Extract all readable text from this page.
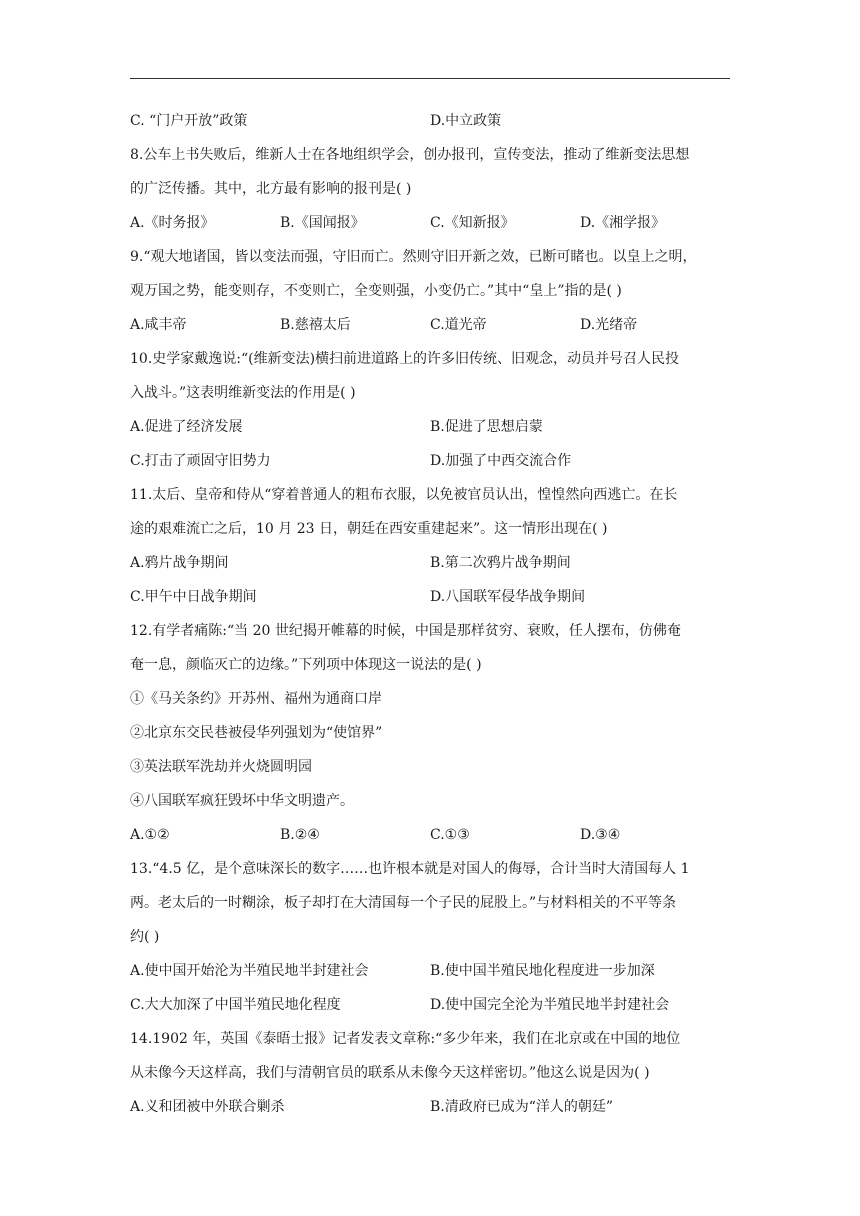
C. “门户开放”政策	D.中立政策
8.公车上书失败后，维新人士在各地组织学会，创办报刊，宣传变法，推动了维新变法思想
的广泛传播。其中，北方最有影响的报刊是( )
A.《时务报》	B.《国闻报》	C.《知新报》	D.《湘学报》
9.“观大地诸国，皆以变法而强，守旧而亡。然则守旧开新之效，已断可睹也。以皇上之明，
观万国之势，能变则存，不变则亡，全变则强，小变仍亡。”其中“皇上”指的是( )
A.咸丰帝	B.慈禧太后	C.道光帝	D.光绪帝
10.史学家戴逸说:“(维新变法)横扫前进道路上的许多旧传统、旧观念，动员并号召人民投
入战斗。”这表明维新变法的作用是( )
A.促进了经济发展	B.促进了思想启蒙
C.打击了顽固守旧势力	D.加强了中西交流合作
11.太后、皇帝和侍从“穿着普通人的粗布衣服，以免被官员认出，惶惶然向西逃亡。在长
途的艰难流亡之后，10 月 23 日，朝廷在西安重建起来”。这一情形出现在( )
A.鸦片战争期间	B.第二次鸦片战争期间
C.甲午中日战争期间	D.八国联军侵华战争期间
12.有学者痛陈:“当 20 世纪揭开帷幕的时候，中国是那样贫穷、衰败，任人摆布，仿佛奄
奄一息，颜临灭亡的边缘。”下列项中体现这一说法的是( )
①《马关条约》开苏州、福州为通商口岸
②北京东交民巷被侵华列强划为“使馆界”
③英法联军洗劫并火烧圆明园
④八国联军疯狂毁坏中华文明遗产。
A.①②	B.②④	C.①③	D.③④
13.“4.5 亿，是个意味深长的数字……也许根本就是对国人的侮辱，合计当时大清国每人 1
两。老太后的一时糊涂，板子却打在大清国每一个子民的屁股上。”与材料相关的不平等条
约( )
A.使中国开始沦为半殖民地半封建社会	B.使中国半殖民地化程度进一步加深
C.大大加深了中国半殖民地化程度	D.使中国完全沦为半殖民地半封建社会
14.1902 年，英国《泰晤士报》记者发表文章称:“多少年来，我们在北京或在中国的地位
从未像今天这样高，我们与清朝官员的联系从未像今天这样密切。”他这么说是因为( )
A.义和团被中外联合剿杀	B.清政府已成为“洋人的朝廷”
